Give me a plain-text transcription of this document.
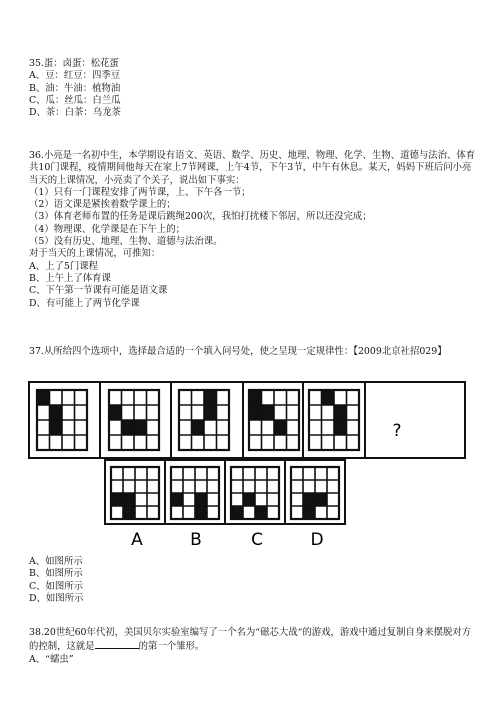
35.蛋：卤蛋：松花蛋
A、豆：红豆：四季豆
B、油：牛油：植物油
C、瓜：丝瓜：白兰瓜
D、茶：白茶：乌龙茶
36.小亮是一名初中生，本学期设有语文、英语、数学、历史、地理、物理、化学、生物、道德与法治、体育共10门课程，疫情期间他每天在家上7节网课，上午4节，下午3节，中午有休息。某天，妈妈下班后问小亮当天的上课情况，小亮卖了个关子，说出如下事实：
（1）只有一门课程安排了两节课，上、下午各一节；
（2）语文课是紧挨着数学课上的；
（3）体育老师布置的任务是课后跳绳200次，我怕打扰楼下邻居，所以还没完成；
（4）物理课、化学课是在下午上的；
（5）没有历史、地理、生物、道德与法治课。
对于当天的上课情况，可推知：
A、上了5门课程
B、上午上了体育课
C、下午第一节课有可能是语文课
D、有可能上了两节化学课
37.从所给四个选项中，选择最合适的一个填入问号处，使之呈现一定规律性：【2009北京社招029】
?
A	B	C	D
A、如图所示
B、如图所示
C、如图所示
D、如图所示
38.20世纪60年代初，美国贝尔实验室编写了一个名为“磁芯大战“的游戏，游戏中通过复制自身来摆脱对方的控制，这就是	的第一个雏形。
A、“蠕虫”
